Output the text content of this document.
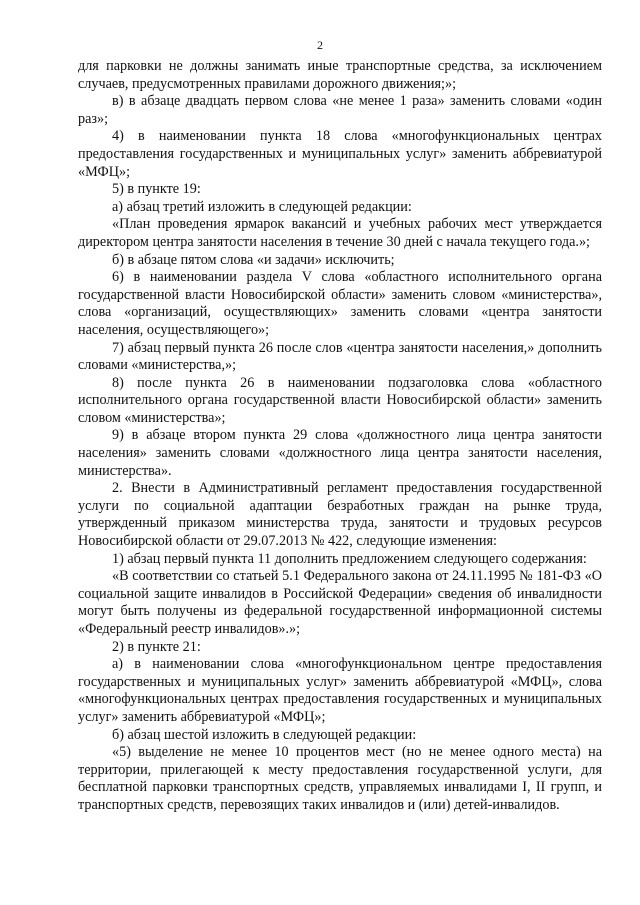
2

для парковки не должны занимать иные транспортные средства, за исключением случаев, предусмотренных правилами дорожного движения;»;

в) в абзаце двадцать первом слова «не менее 1 раза» заменить словами «один раз»;

4) в наименовании пункта 18 слова «многофункциональных центрах предоставления государственных и муниципальных услуг» заменить аббревиатурой «МФЦ»;

5) в пункте 19:

а) абзац третий изложить в следующей редакции:

«План проведения ярмарок вакансий и учебных рабочих мест утверждается директором центра занятости населения в течение 30 дней с начала текущего года.»;

б) в абзаце пятом слова «и задачи» исключить;

6) в наименовании раздела V слова «областного исполнительного органа государственной власти Новосибирской области» заменить словом «министерства», слова «организаций, осуществляющих» заменить словами «центра занятости населения, осуществляющего»;

7) абзац первый пункта 26 после слов «центра занятости населения,» дополнить словами «министерства,»;

8) после пункта 26 в наименовании подзаголовка слова «областного исполнительного органа государственной власти Новосибирской области» заменить словом «министерства»;

9) в абзаце втором пункта 29 слова «должностного лица центра занятости населения» заменить словами «должностного лица центра занятости населения, министерства».

2. Внести в Административный регламент предоставления государственной услуги по социальной адаптации безработных граждан на рынке труда, утвержденный приказом министерства труда, занятости и трудовых ресурсов Новосибирской области от 29.07.2013 № 422, следующие изменения:

1) абзац первый пункта 11 дополнить предложением следующего содержания:

«В соответствии со статьей 5.1 Федерального закона от 24.11.1995 № 181-ФЗ «О социальной защите инвалидов в Российской Федерации» сведения об инвалидности могут быть получены из федеральной государственной информационной системы «Федеральный реестр инвалидов».»;

2) в пункте 21:

а) в наименовании слова «многофункциональном центре предоставления государственных и муниципальных услуг» заменить аббревиатурой «МФЦ», слова «многофункциональных центрах предоставления государственных и муниципальных услуг» заменить аббревиатурой «МФЦ»;

б) абзац шестой изложить в следующей редакции:

«5) выделение не менее 10 процентов мест (но не менее одного места) на территории, прилегающей к месту предоставления государственной услуги, для бесплатной парковки транспортных средств, управляемых инвалидами I, II групп, и транспортных средств, перевозящих таких инвалидов и (или) детей-инвалидов.
